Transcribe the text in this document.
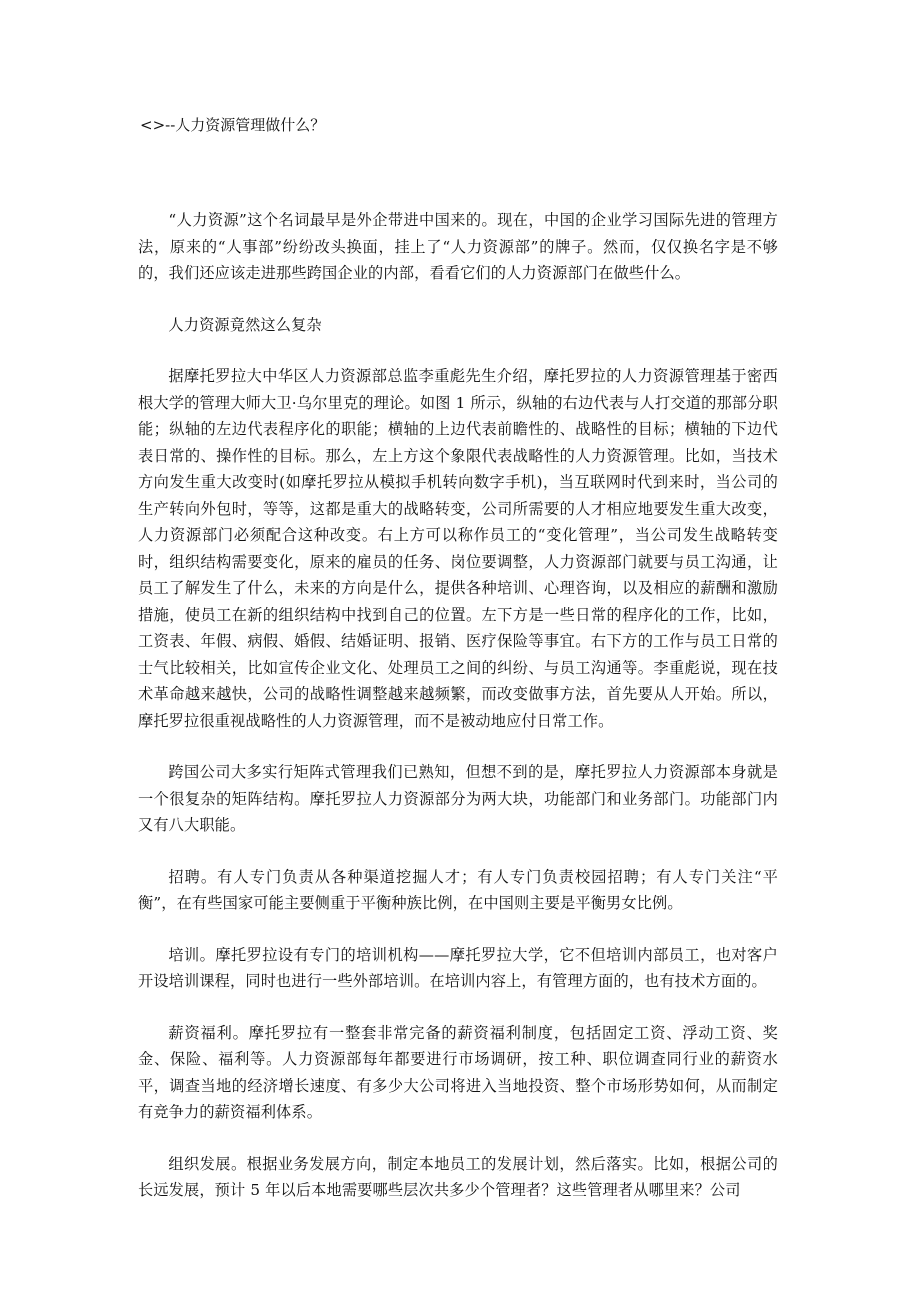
<>--人力资源管理做什么？

“人力资源”这个名词最早是外企带进中国来的。现在，中国的企业学习国际先进的管理方法，原来的“人事部”纷纷改头换面，挂上了“人力资源部”的牌子。然而，仅仅换名字是不够的，我们还应该走进那些跨国企业的内部，看看它们的人力资源部门在做些什么。

人力资源竟然这么复杂

据摩托罗拉大中华区人力资源部总监李重彪先生介绍，摩托罗拉的人力资源管理基于密西根大学的管理大师大卫·乌尔里克的理论。如图 1 所示，纵轴的右边代表与人打交道的那部分职能；纵轴的左边代表程序化的职能；横轴的上边代表前瞻性的、战略性的目标；横轴的下边代表日常的、操作性的目标。那么，左上方这个象限代表战略性的人力资源管理。比如，当技术方向发生重大改变时(如摩托罗拉从模拟手机转向数字手机)，当互联网时代到来时，当公司的生产转向外包时，等等，这都是重大的战略转变，公司所需要的人才相应地要发生重大改变，人力资源部门必须配合这种改变。右上方可以称作员工的“变化管理”，当公司发生战略转变时，组织结构需要变化，原来的雇员的任务、岗位要调整，人力资源部门就要与员工沟通，让员工了解发生了什么，未来的方向是什么，提供各种培训、心理咨询，以及相应的薪酬和激励措施，使员工在新的组织结构中找到自己的位置。左下方是一些日常的程序化的工作，比如，工资表、年假、病假、婚假、结婚证明、报销、医疗保险等事宜。右下方的工作与员工日常的士气比较相关，比如宣传企业文化、处理员工之间的纠纷、与员工沟通等。李重彪说，现在技术革命越来越快，公司的战略性调整越来越频繁，而改变做事方法，首先要从人开始。所以，摩托罗拉很重视战略性的人力资源管理，而不是被动地应付日常工作。

跨国公司大多实行矩阵式管理我们已熟知，但想不到的是，摩托罗拉人力资源部本身就是一个很复杂的矩阵结构。摩托罗拉人力资源部分为两大块，功能部门和业务部门。功能部门内又有八大职能。

招聘。有人专门负责从各种渠道挖掘人才；有人专门负责校园招聘；有人专门关注“平衡”，在有些国家可能主要侧重于平衡种族比例，在中国则主要是平衡男女比例。

培训。摩托罗拉设有专门的培训机构——摩托罗拉大学，它不但培训内部员工，也对客户开设培训课程，同时也进行一些外部培训。在培训内容上，有管理方面的，也有技术方面的。

薪资福利。摩托罗拉有一整套非常完备的薪资福利制度，包括固定工资、浮动工资、奖金、保险、福利等。人力资源部每年都要进行市场调研，按工种、职位调查同行业的薪资水平，调查当地的经济增长速度、有多少大公司将进入当地投资、整个市场形势如何，从而制定有竞争力的薪资福利体系。

组织发展。根据业务发展方向，制定本地员工的发展计划，然后落实。比如，根据公司的长远发展，预计 5 年以后本地需要哪些层次共多少个管理者？这些管理者从哪里来？公司
